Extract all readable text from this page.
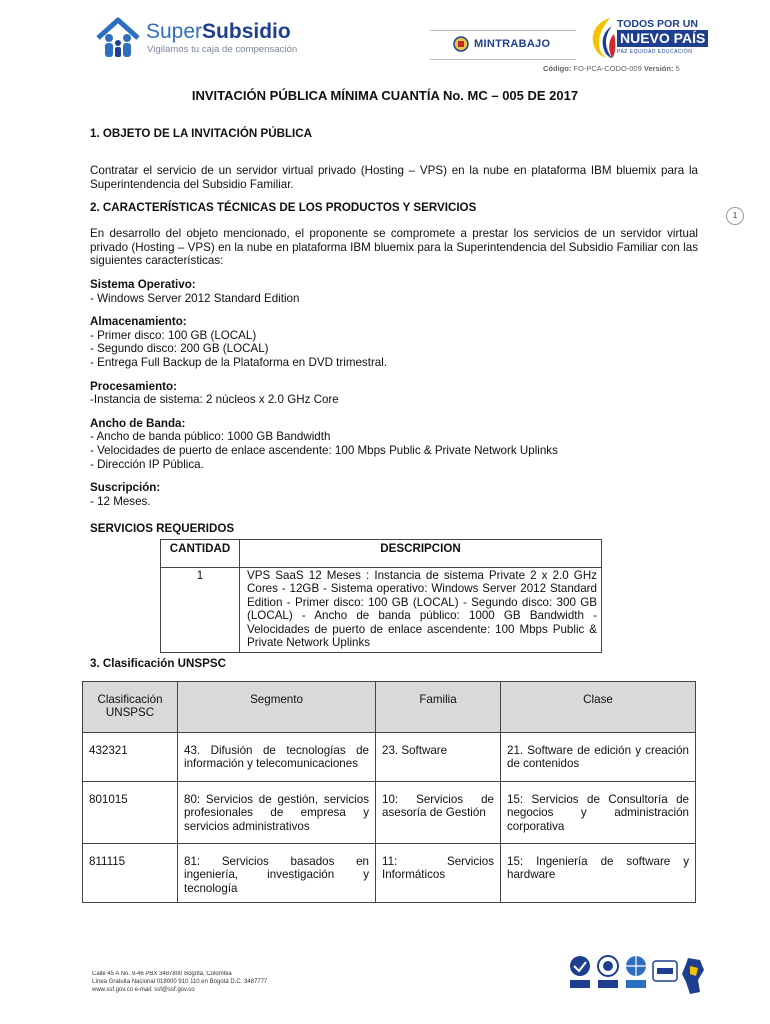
SuperSubsidio
Vigilamos tu caja de compensación	MINTRABAJO
TODOS POR UN
NUEVO PAÍS
PAZ EQUIDAD EDUCACIÓN
Código: FO-PCA-CODO-009 Versión: 5
INVITACIÓN PÚBLICA MÍNIMA CUANTÍA No. MC – 005 DE 2017
1
1. OBJETO DE LA INVITACIÓN PÚBLICA
Contratar el servicio de un servidor virtual privado (Hosting – VPS) en la nube en plataforma IBM bluemix para la Superintendencia del Subsidio Familiar.
2. CARACTERÍSTICAS TÉCNICAS DE LOS PRODUCTOS Y SERVICIOS
En desarrollo del objeto mencionado, el proponente se compromete a prestar los servicios de un servidor virtual privado (Hosting – VPS) en la nube en plataforma IBM bluemix para la Superintendencia del Subsidio Familiar con las siguientes características:
Sistema Operativo:
- Windows Server 2012 Standard Edition
Almacenamiento:
- Primer disco: 100 GB (LOCAL)
- Segundo disco: 200 GB (LOCAL)
- Entrega Full Backup de la Plataforma en DVD trimestral.
Procesamiento:
-Instancia de sistema: 2 núcleos x 2.0 GHz Core
Ancho de Banda:
- Ancho de banda público: 1000 GB Bandwidth
- Velocidades de puerto de enlace ascendente: 100 Mbps Public & Private Network Uplinks
- Dirección IP Pública.
Suscripción:
- 12 Meses.
SERVICIOS REQUERIDOS
CANTIDAD	DESCRIPCION
1	VPS SaaS 12 Meses : Instancia de sistema Private 2 x 2.0 GHz Cores - 12GB - Sistema operativo: Windows Server 2012 Standard Edition - Primer disco: 100 GB (LOCAL) - Segundo disco: 300 GB (LOCAL) - Ancho de banda público: 1000 GB Bandwidth - Velocidades de puerto de enlace ascendente: 100 Mbps Public & Private Network Uplinks
3. Clasificación UNSPSC
Clasificación UNSPSC	Segmento	Familia	Clase
432321	43. Difusión de tecnologías de información y telecomunicaciones	23. Software	21. Software de edición y creación de contenidos
801015	80: Servicios de gestión, servicios profesionales de empresa y servicios administrativos	10: Servicios de asesoría de Gestión	15: Servicios de Consultoría de negocios y administración corporativa
811115	81: Servicios basados en ingeniería, investigación y tecnología	11: Servicios Informáticos	15: Ingeniería de software y hardware
Calle 45 A No. 9-46 PBX 3487800 Bogotá, Colombia
Línea Gratuita Nacional 018000 910 110 en Bogotá D.C. 3487777
www.ssf.gov.co e-mail: ssf@ssf.gov.co
